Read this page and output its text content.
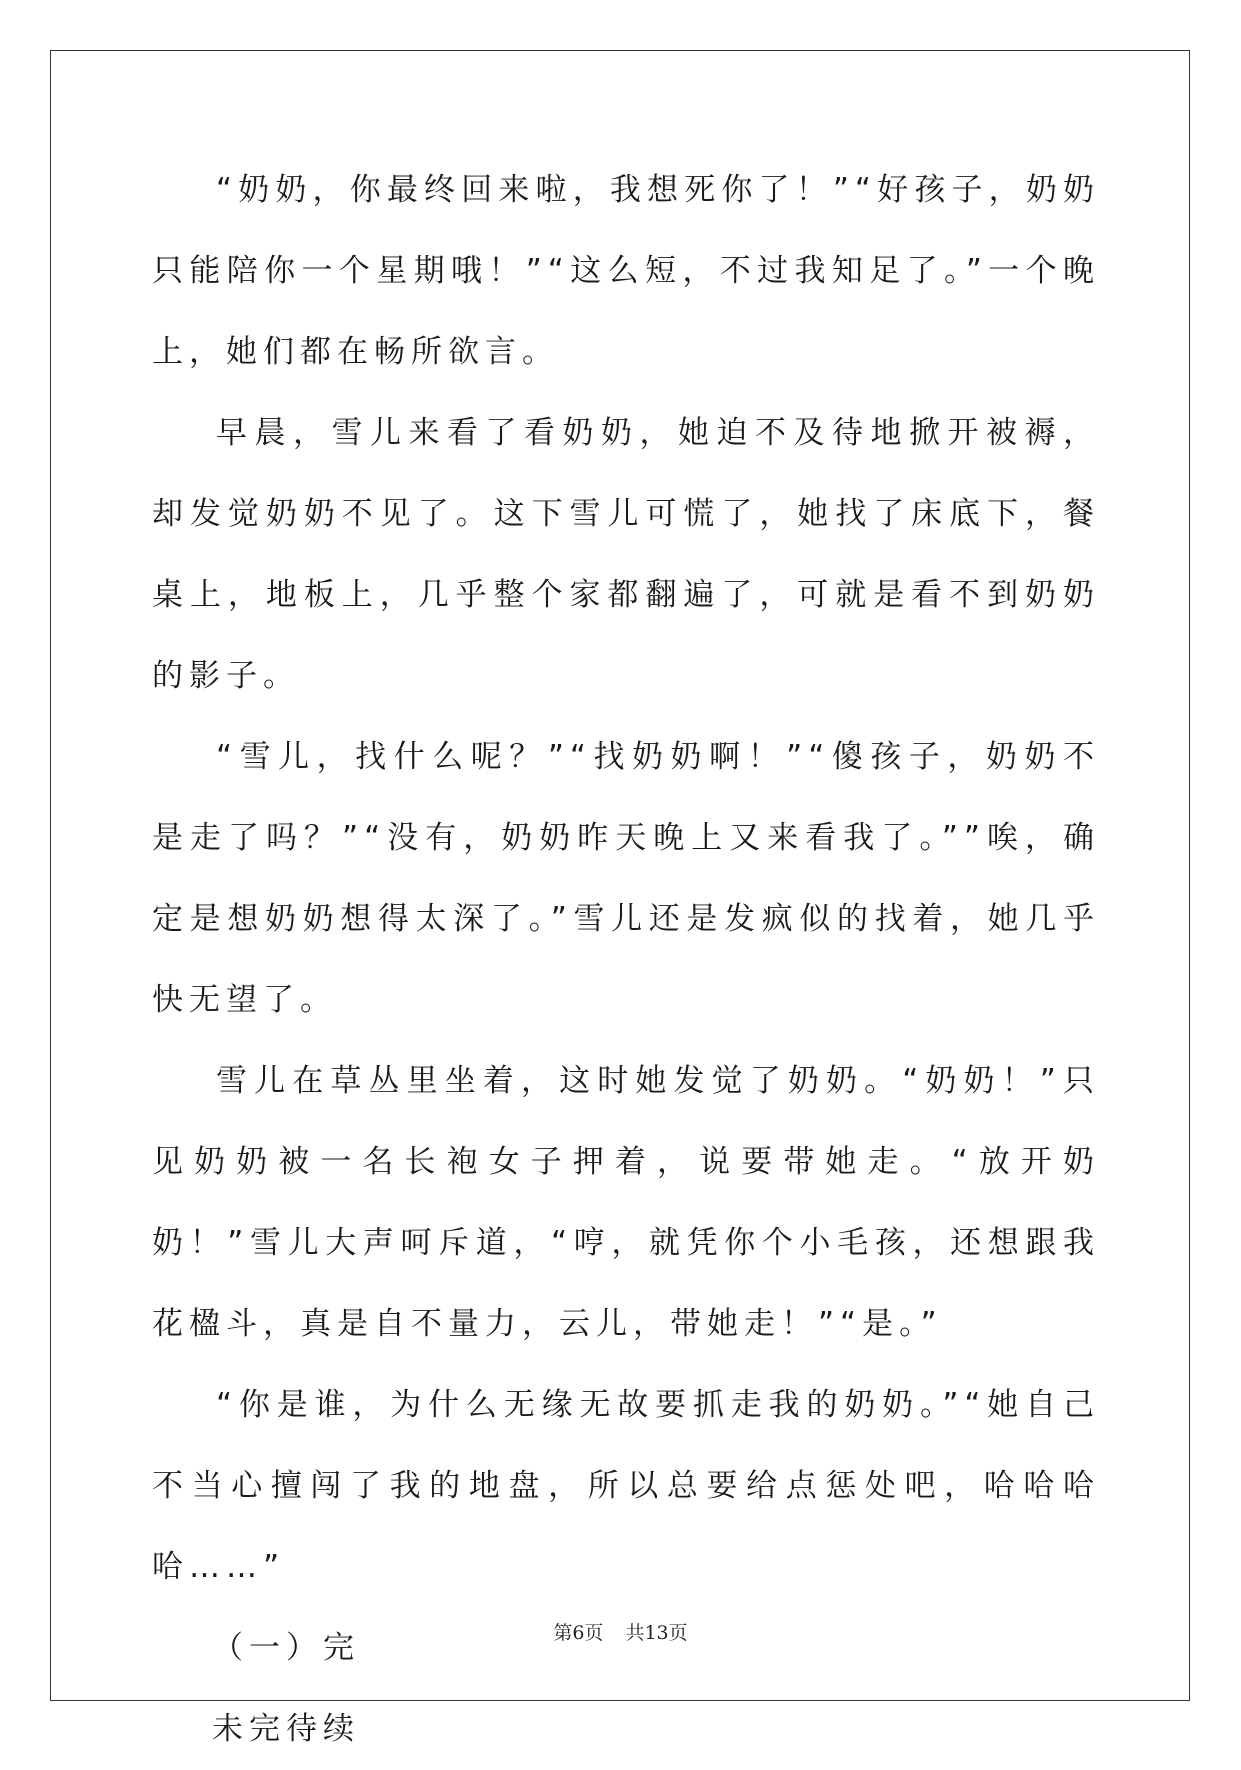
“奶奶，你最终回来啦，我想死你了！”“好孩子，奶奶只能陪你一个星期哦！”“这么短，不过我知足了。”一个晚上，她们都在畅所欲言。

早晨，雪儿来看了看奶奶，她迫不及待地掀开被褥，却发觉奶奶不见了。这下雪儿可慌了，她找了床底下，餐桌上，地板上，几乎整个家都翻遍了，可就是看不到奶奶的影子。

“雪儿，找什么呢？”“找奶奶啊！”“傻孩子，奶奶不是走了吗？”“没有，奶奶昨天晚上又来看我了。””唉，确定是想奶奶想得太深了。”雪儿还是发疯似的找着，她几乎快无望了。

雪儿在草丛里坐着，这时她发觉了奶奶。“奶奶！”只见奶奶被一名长袍女子押着，说要带她走。“放开奶奶！”雪儿大声呵斥道，“哼，就凭你个小毛孩，还想跟我花楹斗，真是自不量力，云儿，带她走！”“是。”

“你是谁，为什么无缘无故要抓走我的奶奶。”“她自己不当心擅闯了我的地盘，所以总要给点惩处吧，哈哈哈哈……”

（一）完

未完待续

第6页 共13页
